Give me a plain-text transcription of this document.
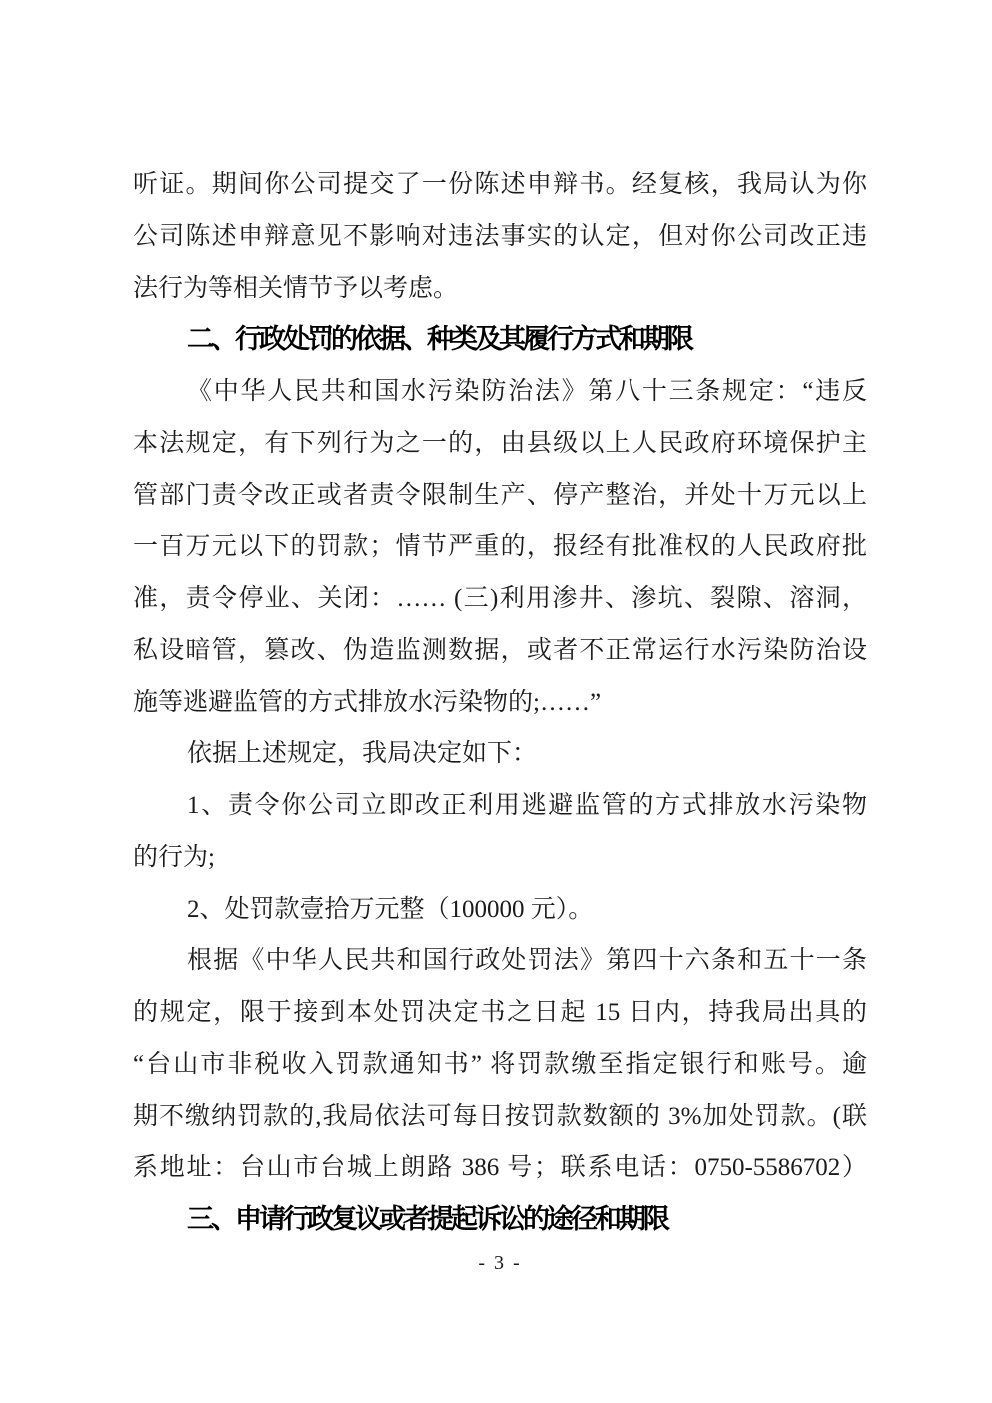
听证。期间你公司提交了一份陈述申辩书。经复核，我局认为你
公司陈述申辩意见不影响对违法事实的认定，但对你公司改正违
法行为等相关情节予以考虑。
二、行政处罚的依据、种类及其履行方式和期限
《中华人民共和国水污染防治法》第八十三条规定：“违反
本法规定，有下列行为之一的，由县级以上人民政府环境保护主
管部门责令改正或者责令限制生产、停产整治，并处十万元以上
一百万元以下的罚款；情节严重的，报经有批准权的人民政府批
准，责令停业、关闭：…… (三)利用渗井、渗坑、裂隙、溶洞，
私设暗管，篡改、伪造监测数据，或者不正常运行水污染防治设
施等逃避监管的方式排放水污染物的;……”
依据上述规定，我局决定如下：
1、责令你公司立即改正利用逃避监管的方式排放水污染物
的行为;
2、处罚款壹拾万元整（100000 元）。
根据《中华人民共和国行政处罚法》第四十六条和五十一条
的规定，限于接到本处罚决定书之日起 15 日内，持我局出具的
“台山市非税收入罚款通知书” 将罚款缴至指定银行和账号。逾
期不缴纳罚款的,我局依法可每日按罚款数额的 3%加处罚款。(联
系地址：台山市台城上朗路 386 号；联系电话：0750-5586702）
三、申请行政复议或者提起诉讼的途径和期限
- 3 -
